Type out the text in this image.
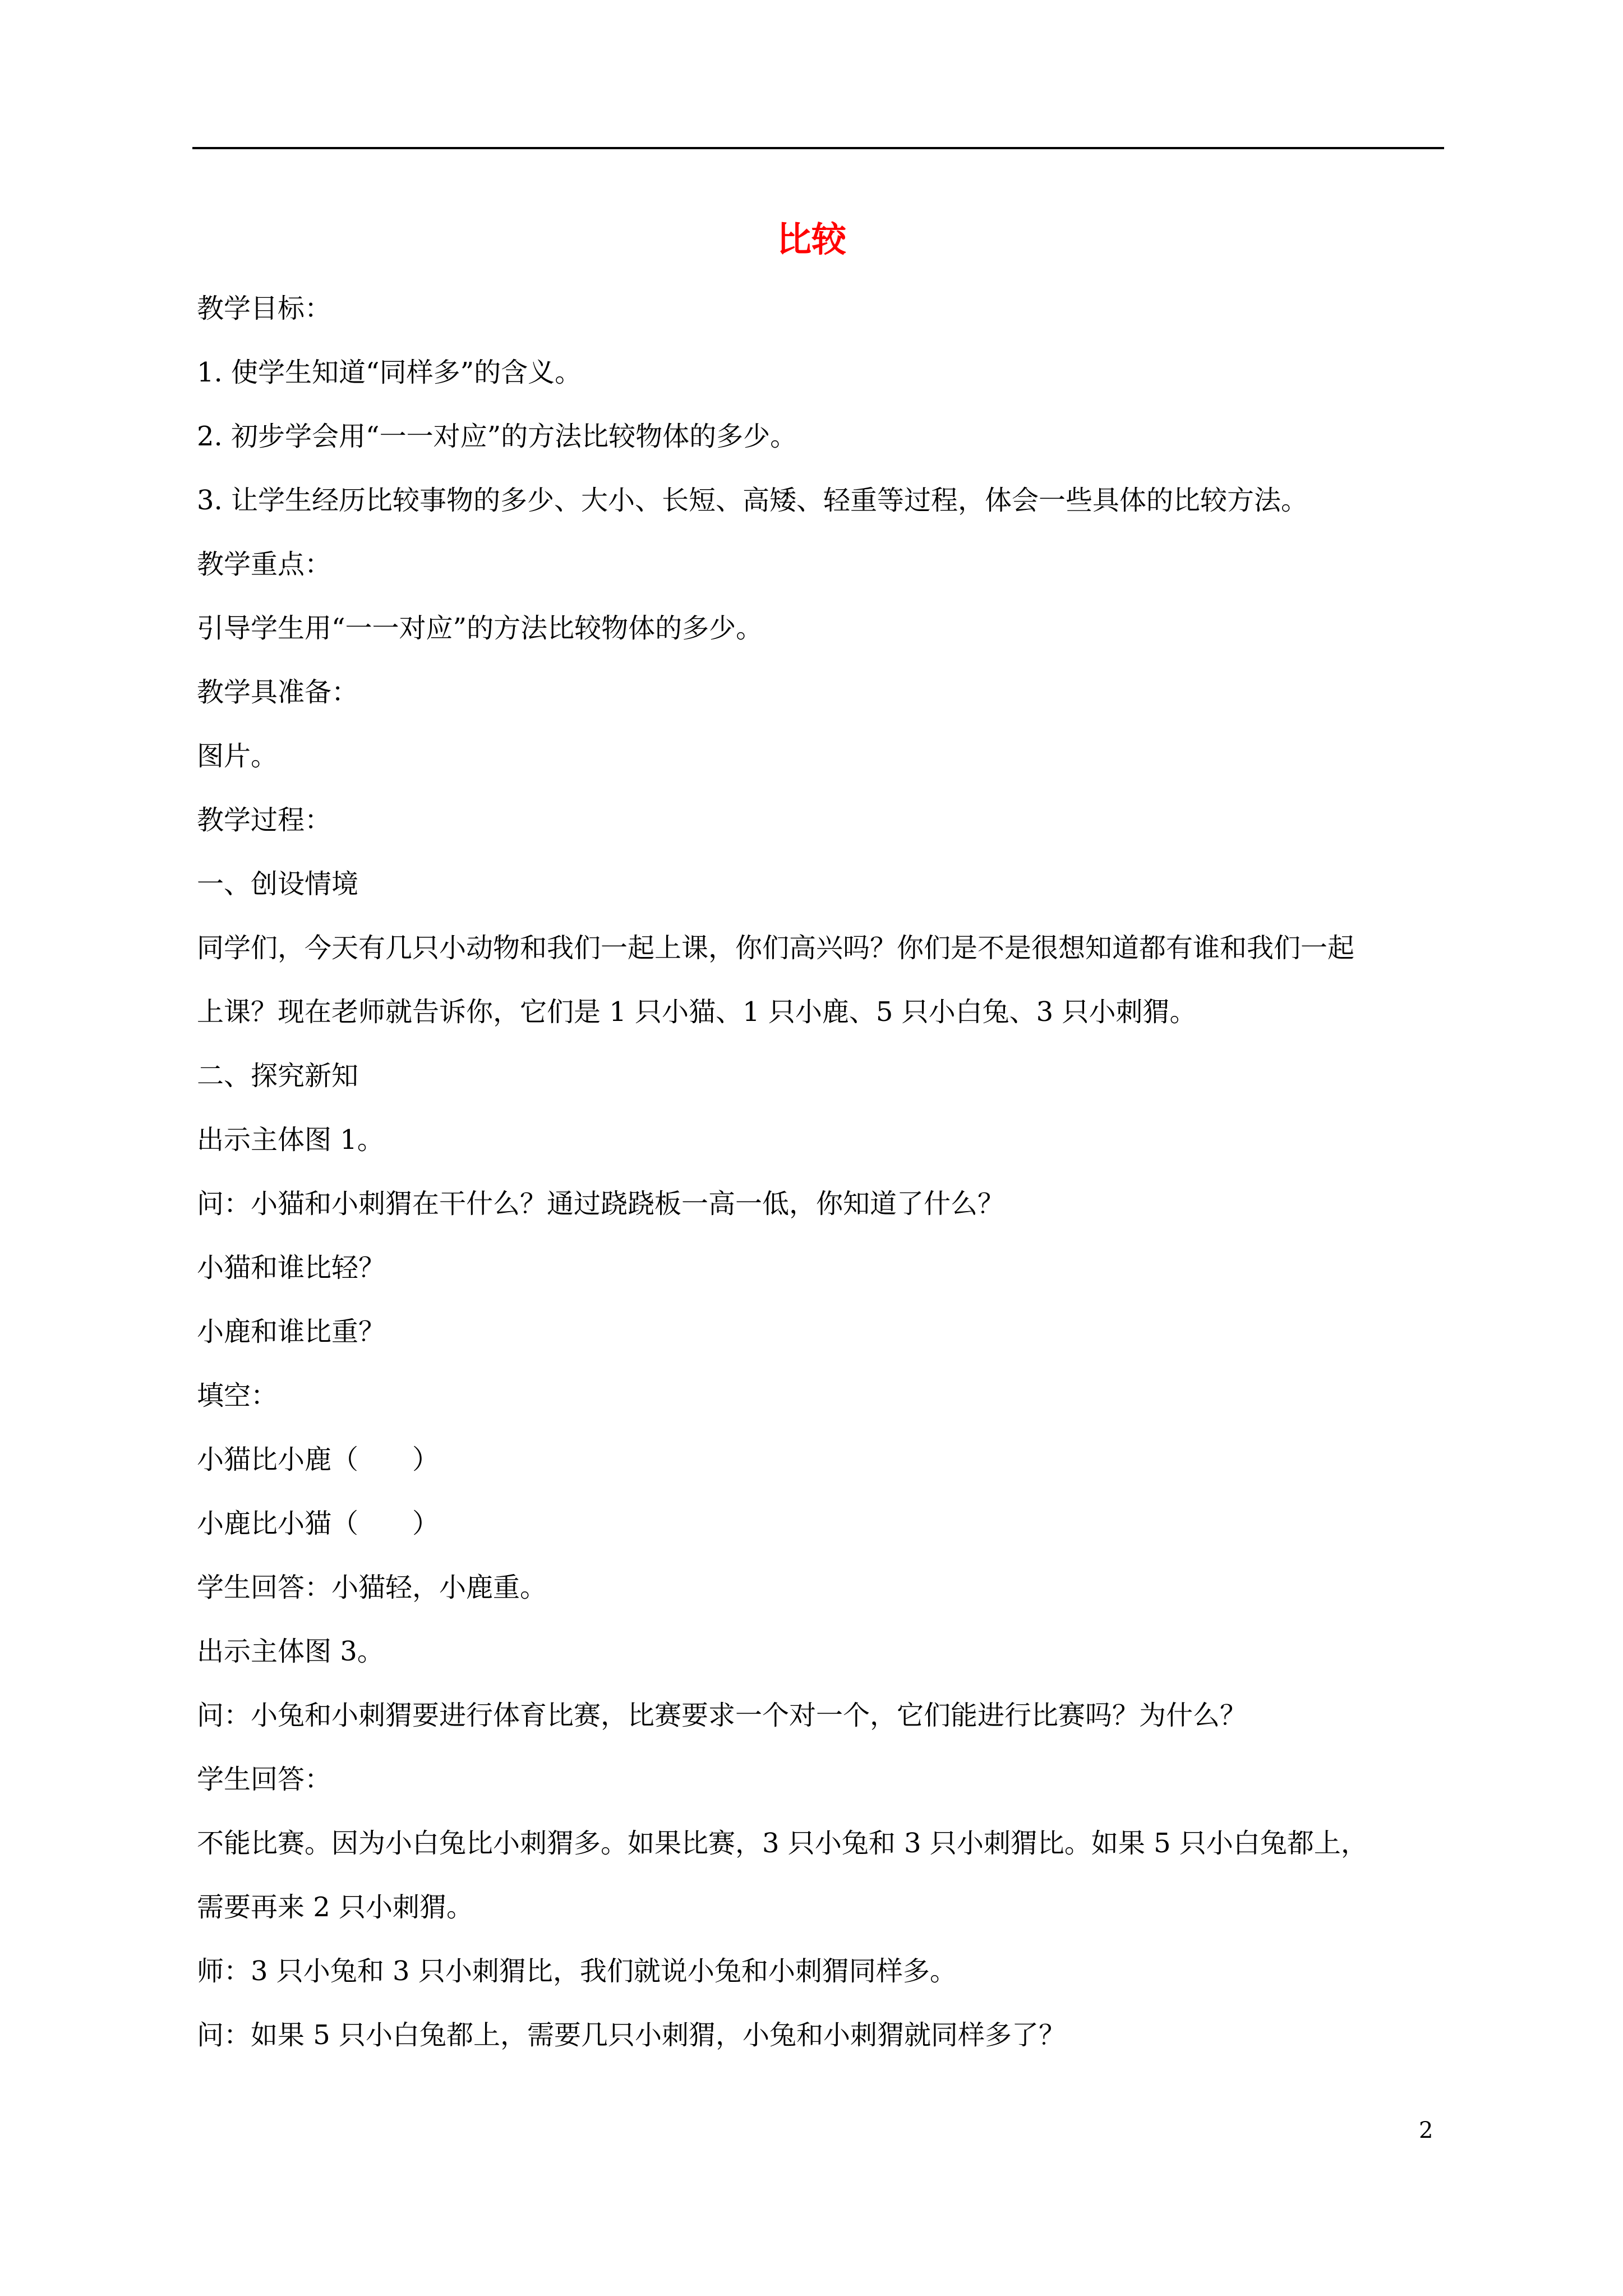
比较
教学目标：
1. 使学生知道“同样多”的含义。
2. 初步学会用“一一对应”的方法比较物体的多少。
3. 让学生经历比较事物的多少、大小、长短、高矮、轻重等过程，体会一些具体的比较方法。
教学重点：
引导学生用“一一对应”的方法比较物体的多少。
教学具准备：
图片。
教学过程：
一、创设情境
同学们，今天有几只小动物和我们一起上课，你们高兴吗？你们是不是很想知道都有谁和我们一起
上课？现在老师就告诉你，它们是 1 只小猫、1 只小鹿、5 只小白兔、3 只小刺猬。
二、探究新知
出示主体图 1。
问：小猫和小刺猬在干什么？通过跷跷板一高一低，你知道了什么？
小猫和谁比轻？
小鹿和谁比重？
填空：
小猫比小鹿（　　）
小鹿比小猫（　　）
学生回答：小猫轻，小鹿重。
出示主体图 3。
问：小兔和小刺猬要进行体育比赛，比赛要求一个对一个，它们能进行比赛吗？为什么？
学生回答：
不能比赛。因为小白兔比小刺猬多。如果比赛，3 只小兔和 3 只小刺猬比。如果 5 只小白兔都上，
需要再来 2 只小刺猬。
师：3 只小兔和 3 只小刺猬比，我们就说小兔和小刺猬同样多。
问：如果 5 只小白兔都上，需要几只小刺猬，小兔和小刺猬就同样多了？
2
